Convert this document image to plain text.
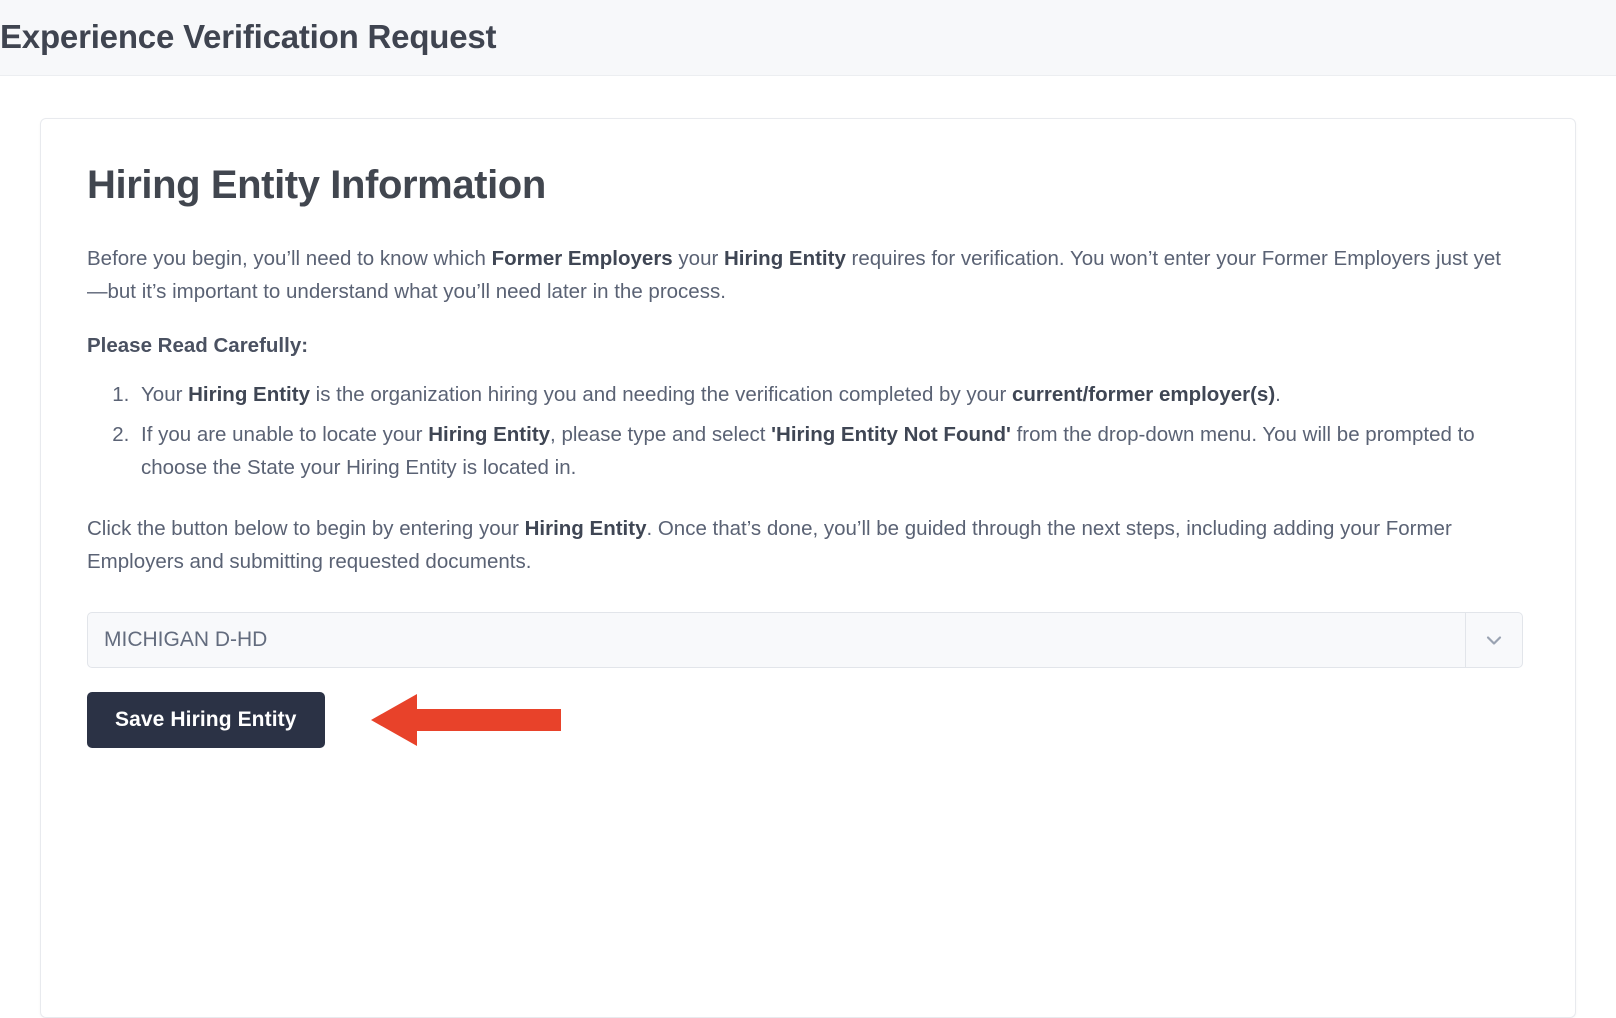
Experience Verification Request
Hiring Entity Information

Before you begin, you’ll need to know which Former Employers your Hiring Entity requires for verification. You won’t enter your Former Employers just yet—but it’s important to understand what you’ll need later in the process.

Please Read Carefully:

1. Your Hiring Entity is the organization hiring you and needing the verification completed by your current/former employer(s).
2. If you are unable to locate your Hiring Entity, please type and select 'Hiring Entity Not Found' from the drop-down menu. You will be prompted to choose the State your Hiring Entity is located in.

Click the button below to begin by entering your Hiring Entity. Once that’s done, you’ll be guided through the next steps, including adding your Former Employers and submitting requested documents.

MICHIGAN D-HD
Save Hiring Entity
